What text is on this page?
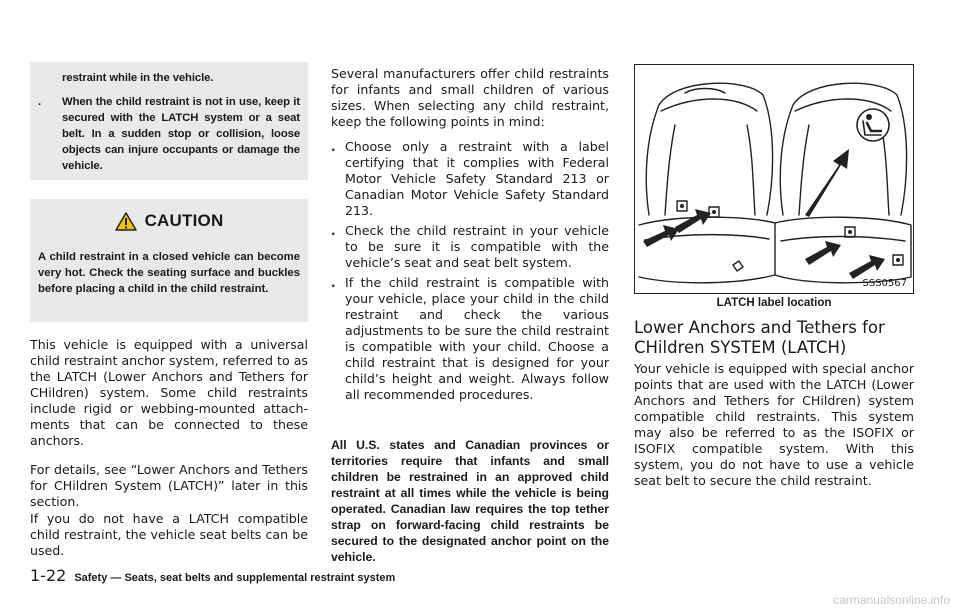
restraint while in the vehicle.

.	When the child restraint is not in use, keep it secured with the LATCH system or a seat belt. In a sudden stop or collision, loose objects can injure occupants or damage the vehicle.
CAUTION
A child restraint in a closed vehicle can become very hot. Check the seating surface and buckles before placing a child in the child restraint.

This vehicle is equipped with a universal child restraint anchor system, referred to as the LATCH (Lower Anchors and Tethers for CHildren) system. Some child restraints include rigid or webbing-mounted attachments that can be connected to these anchors.

For details, see “Lower Anchors and Tethers for CHildren System (LATCH)” later in this section.

If you do not have a LATCH compatible child restraint, the vehicle seat belts can be used.

Several manufacturers offer child restraints for infants and small children of various sizes. When selecting any child restraint, keep the following points in mind:

. Choose only a restraint with a label certifying that it complies with Federal Motor Vehicle Safety Standard 213 or Canadian Motor Vehicle Safety Standard 213.
. Check the child restraint in your vehicle to be sure it is compatible with the vehicle’s seat and seat belt system.
. If the child restraint is compatible with your vehicle, place your child in the child restraint and check the various adjustments to be sure the child restraint is compatible with your child. Choose a child restraint that is designed for your child’s height and weight. Always follow all recommended procedures.

All U.S. states and Canadian provinces or territories require that infants and small children be restrained in an approved child restraint at all times while the vehicle is being operated. Canadian law requires the top tether strap on forward-facing child restraints be secured to the designated anchor point on the vehicle.

SSS0567
LATCH label location
Lower Anchors and Tethers for CHildren SYSTEM (LATCH)

Your vehicle is equipped with special anchor points that are used with the LATCH (Lower Anchors and Tethers for CHildren) system compatible child restraints. This system may also be referred to as the ISOFIX or ISOFIX compatible system. With this system, you do not have to use a vehicle seat belt to secure the child restraint.

1-22 Safety — Seats, seat belts and supplemental restraint system
carmanualsonline.info
